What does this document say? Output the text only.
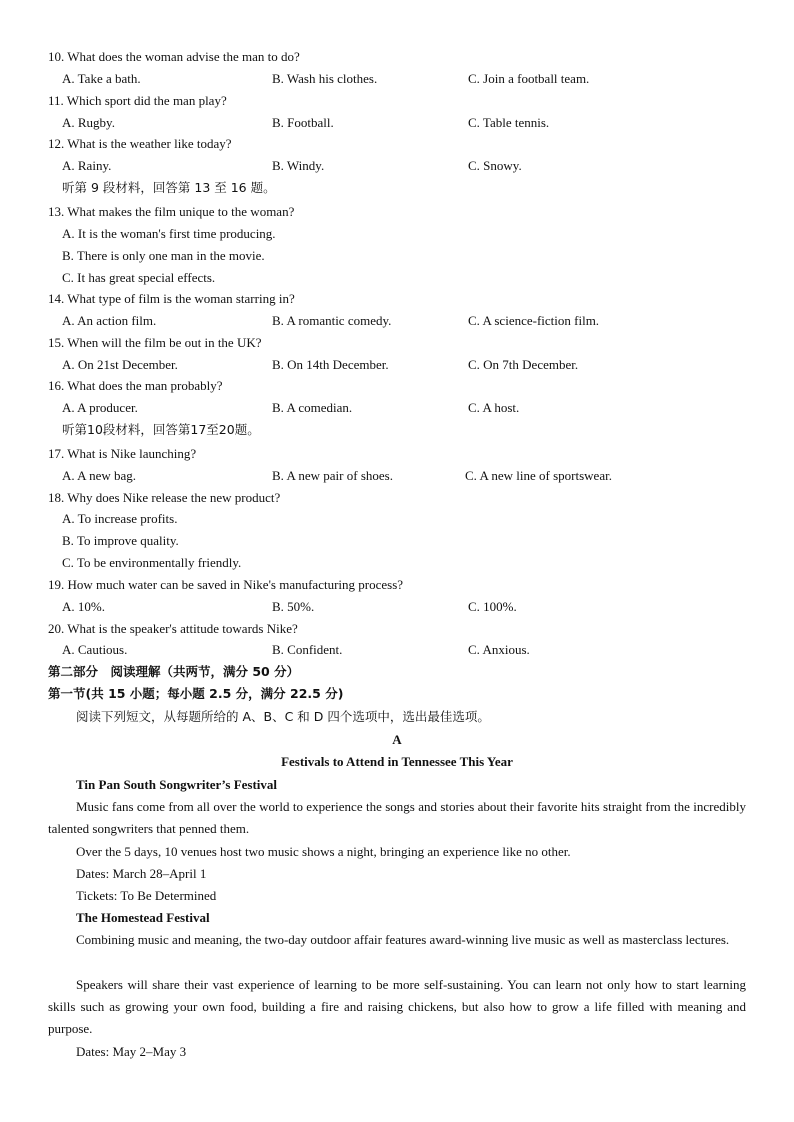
10. What does the woman advise the man to do?
A. Take a bath.	B. Wash his clothes.	C. Join a football team.
11. Which sport did the man play?
A. Rugby.	B. Football.	C. Table tennis.
12. What is the weather like today?
A. Rainy.	B. Windy.	C. Snowy.
听第 9 段材料，回答第 13 至 16 题。
13. What makes the film unique to the woman?
A. It is the woman's first time producing.
B. There is only one man in the movie.
C. It has great special effects.
14. What type of film is the woman starring in?
A. An action film.	B. A romantic comedy.	C. A science-fiction film.
15. When will the film be out in the UK?
A. On 21st December.	B. On 14th December.	C. On 7th December.
16. What does the man probably?
A. A producer.	B. A comedian.	C. A host.
听第10段材料，回答第17至20题。
17. What is Nike launching?
A. A new bag.	B. A new pair of shoes.	C. A new line of sportswear.
18. Why does Nike release the new product?
A. To increase profits.
B. To improve quality.
C. To be environmentally friendly.
19. How much water can be saved in Nike's manufacturing process?
A. 10%.	B. 50%.	C. 100%.
20. What is the speaker's attitude towards Nike?
A. Cautious.	B. Confident.	C. Anxious.
第二部分　阅读理解（共两节，满分 50 分）
第一节(共 15 小题；每小题 2.5 分，满分 22.5 分)
阅读下列短文，从每题所给的 A、B、C 和 D 四个选项中，选出最佳选项。
A
Festivals to Attend in Tennessee This Year
Tin Pan South Songwriter’s Festival
Music fans come from all over the world to experience the songs and stories about their favorite hits straight from the incredibly talented songwriters that penned them.
Over the 5 days, 10 venues host two music shows a night, bringing an experience like no other.
Dates: March 28–April 1
Tickets: To Be Determined
The Homestead Festival
Combining music and meaning, the two-day outdoor affair features award-winning live music as well as masterclass lectures.
Speakers will share their vast experience of learning to be more self-sustaining. You can learn not only how to start learning skills such as growing your own food, building a fire and raising chickens, but also how to grow a life filled with meaning and purpose.
Dates: May 2–May 3
